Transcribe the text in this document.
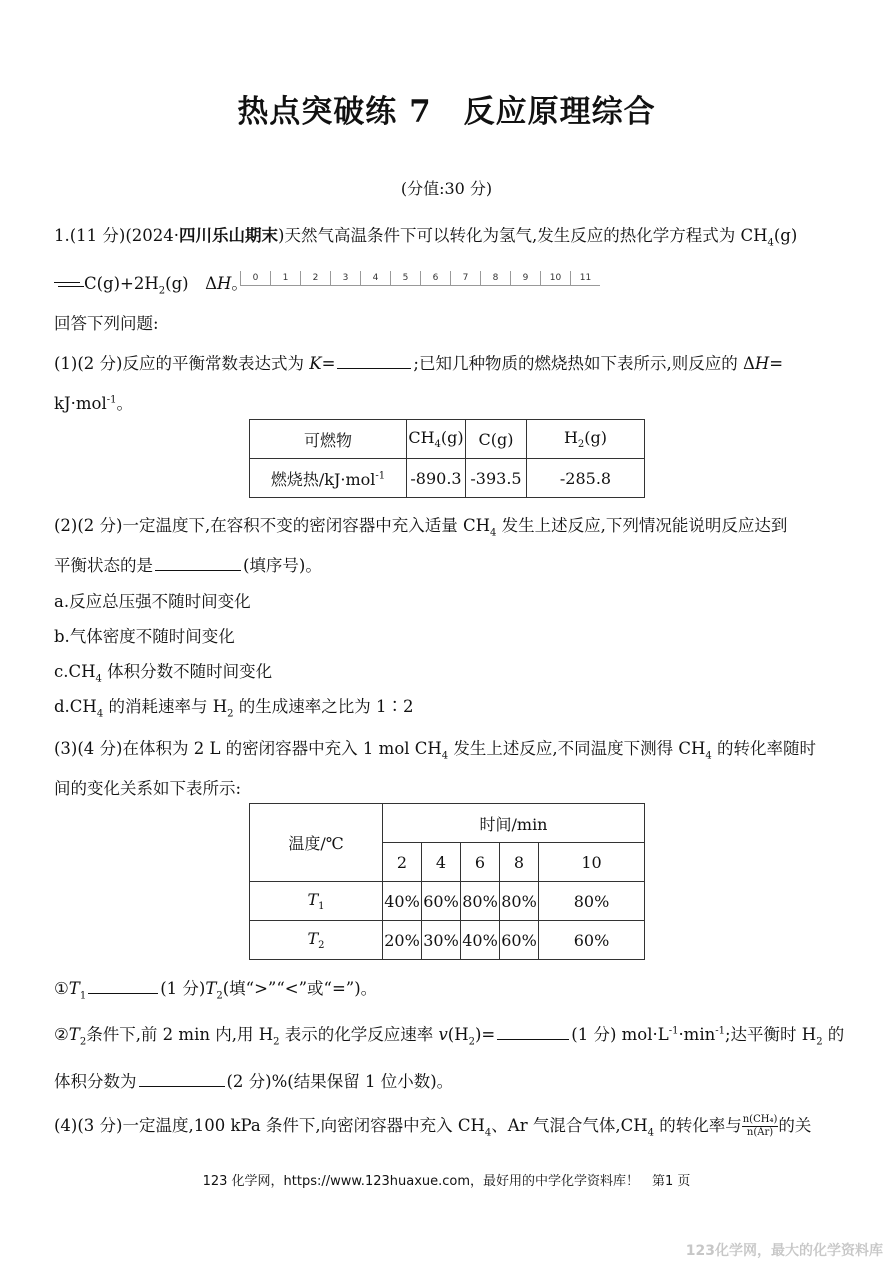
热点突破练 7　反应原理综合
(分值:30 分)
1.(11 分)(2024·四川乐山期末)天然气高温条件下可以转化为氢气,发生反应的热化学方程式为 $CH_4(g)$
$C(g)+2H_2(g)$　ΔH。 0	1	2	3	4	5	6	7	8	9	10	11
回答下列问题:
(1)(2 分)反应的平衡常数表达式为 K=	;已知几种物质的燃烧热如下表所示,则反应的 ΔH=
kJ·mol$^{-1}$。
可燃物	$CH_4(g)$	C(g)	$H_2(g)$
燃烧热/kJ·mol$^{-1}$	-890.3	-393.5	-285.8
(2)(2 分)一定温度下,在容积不变的密闭容器中充入适量 $CH_4$ 发生上述反应,下列情况能说明反应达到
平衡状态的是	(填序号)。
a.反应总压强不随时间变化
b.气体密度不随时间变化
$c.CH_4$ 体积分数不随时间变化
$d.CH_4$ 的消耗速率与 $H_2$ 的生成速率之比为 1∶2
(3)(4 分)在体积为 2 L 的密闭容器中充入 1 mol $CH_4$ 发生上述反应,不同温度下测得 $CH_4$ 的转化率随时
间的变化关系如下表所示:
温度/℃	时间/min				
	2	4	6	8	10
$T_1$	40%	60%	80%	80%	80%
$T_2$	20%	30%	40%	60%	60%
$①T_1$	(1 分)$T_2$(填“>”“<”或“=”)。
$②T_2$条件下,前 2 min 内,用 $H_2$ 表示的化学反应速率 $v(H_2)=$	(1 分) $mol\cdot L^{-1}\cdot\min^{-1}$;达平衡时 $H_2$ 的
体积分数为	(2 分)%(结果保留 1 位小数)。
(4)(3 分)一定温度,100 kPa 条件下,向密闭容器中充入 $CH_4$、Ar 气混合气体$,CH_4$ 的转化率与 $\frac{\text{n(CH₄)}}{n(Ar)}$ 的关
123 化学网，https://www.123huaxue.com，最好用的中学化学资料库！　第1 页
123化学网，最大的化学资料库
